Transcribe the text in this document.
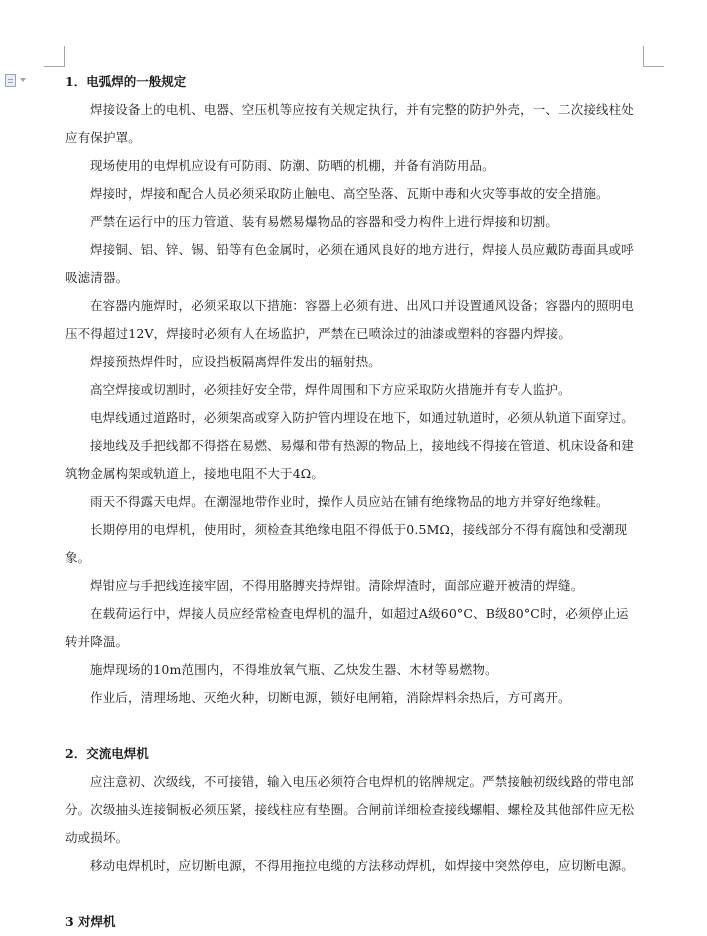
1．电弧焊的一般规定

焊接设备上的电机、电器、空压机等应按有关规定执行，并有完整的防护外壳，一、二次接线柱处应有保护罩。

现场使用的电焊机应设有可防雨、防潮、防晒的机棚，并备有消防用品。

焊接时，焊接和配合人员必须采取防止触电、高空坠落、瓦斯中毒和火灾等事故的安全措施。

严禁在运行中的压力管道、装有易燃易爆物品的容器和受力构件上进行焊接和切割。

焊接铜、铝、锌、锡、铅等有色金属时，必须在通风良好的地方进行，焊接人员应戴防毒面具或呼吸滤清器。

在容器内施焊时，必须采取以下措施：容器上必须有进、出风口并设置通风设备；容器内的照明电压不得超过12V，焊接时必须有人在场监护，严禁在已喷涂过的油漆或塑料的容器内焊接。

焊接预热焊件时，应设挡板隔离焊件发出的辐射热。

高空焊接或切割时，必须挂好安全带，焊件周围和下方应采取防火措施并有专人监护。

电焊线通过道路时，必须架高或穿入防护管内埋设在地下，如通过轨道时，必须从轨道下面穿过。

接地线及手把线都不得搭在易燃、易爆和带有热源的物品上，接地线不得接在管道、机床设备和建筑物金属构架或轨道上，接地电阻不大于4Ω。

雨天不得露天电焊。在潮湿地带作业时，操作人员应站在铺有绝缘物品的地方并穿好绝缘鞋。

长期停用的电焊机，使用时，须检查其绝缘电阻不得低于0.5MΩ，接线部分不得有腐蚀和受潮现象。

焊钳应与手把线连接牢固，不得用胳膊夹持焊钳。清除焊渣时，面部应避开被清的焊缝。

在载荷运行中，焊接人员应经常检查电焊机的温升，如超过A级60°C、B级80°C时，必须停止运转并降温。

施焊现场的10m范围内，不得堆放氧气瓶、乙炔发生器、木材等易燃物。

作业后，清理场地、灭绝火种，切断电源，锁好电闸箱，消除焊料余热后，方可离开。

2．交流电焊机

应注意初、次级线，不可接错，输入电压必须符合电焊机的铭牌规定。严禁接触初级线路的带电部分。次级抽头连接铜板必须压紧，接线柱应有垫圈。合闸前详细检查接线螺帽、螺栓及其他部件应无松动或损坏。

移动电焊机时，应切断电源，不得用拖拉电缆的方法移动焊机，如焊接中突然停电，应切断电源。

3 对焊机
